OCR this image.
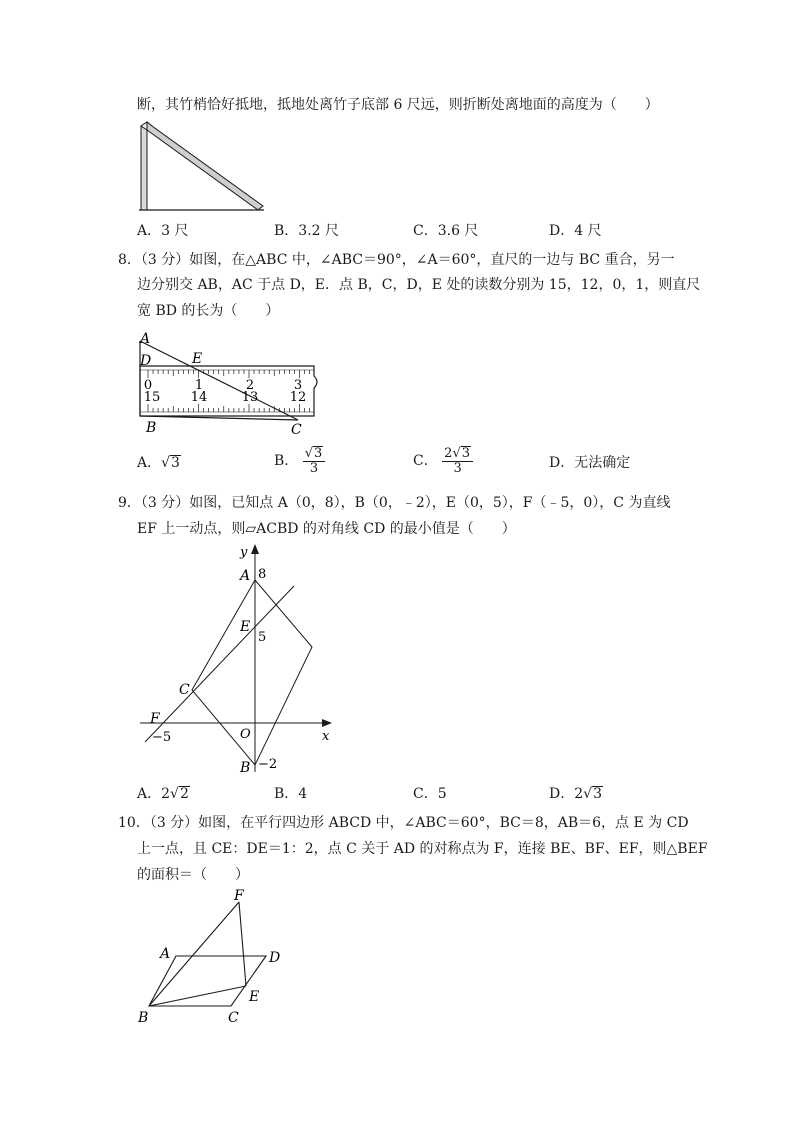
断，其竹梢恰好抵地，抵地处离竹子底部 6 尺远，则折断处离地面的高度为（　　）
A．3 尺	B．3.2 尺	C．3.6 尺	D．4 尺
8．（3 分）如图，在△ABC 中，∠ABC＝90°，∠A＝60°，直尺的一边与 BC 重合，另一
边分别交 AB，AC 于点 D，E．点 B，C，D，E 处的读数分别为 15，12，0，1，则直尺
宽 BD 的长为（　　）
0	1	2	3
15 14	13 12
A
D	E
B	C
A．√3	B． $\frac{√3}{3}$	C． $\frac{2√3}{3}$	D．无法确定
9．（3 分）如图，已知点 A（0，8），B（0，﹣2），E（0，5），F（﹣5，0），C 为直线
EF 上一动点，则▱ACBD 的对角线 CD 的最小值是（　　）
y
x
A 8
E
5
C
F
−5	O
B −2
A．2√2	B．4	C．5	D．2√3
10．（3 分）如图，在平行四边形 ABCD 中，∠ABC＝60°，BC＝8，AB＝6，点 E 为 CD
上一点，且 CE：DE＝1：2，点 C 关于 AD 的对称点为 F，连接 BE、BF、EF，则△BEF
的面积＝（　　）
F
A	D
E
B	C
